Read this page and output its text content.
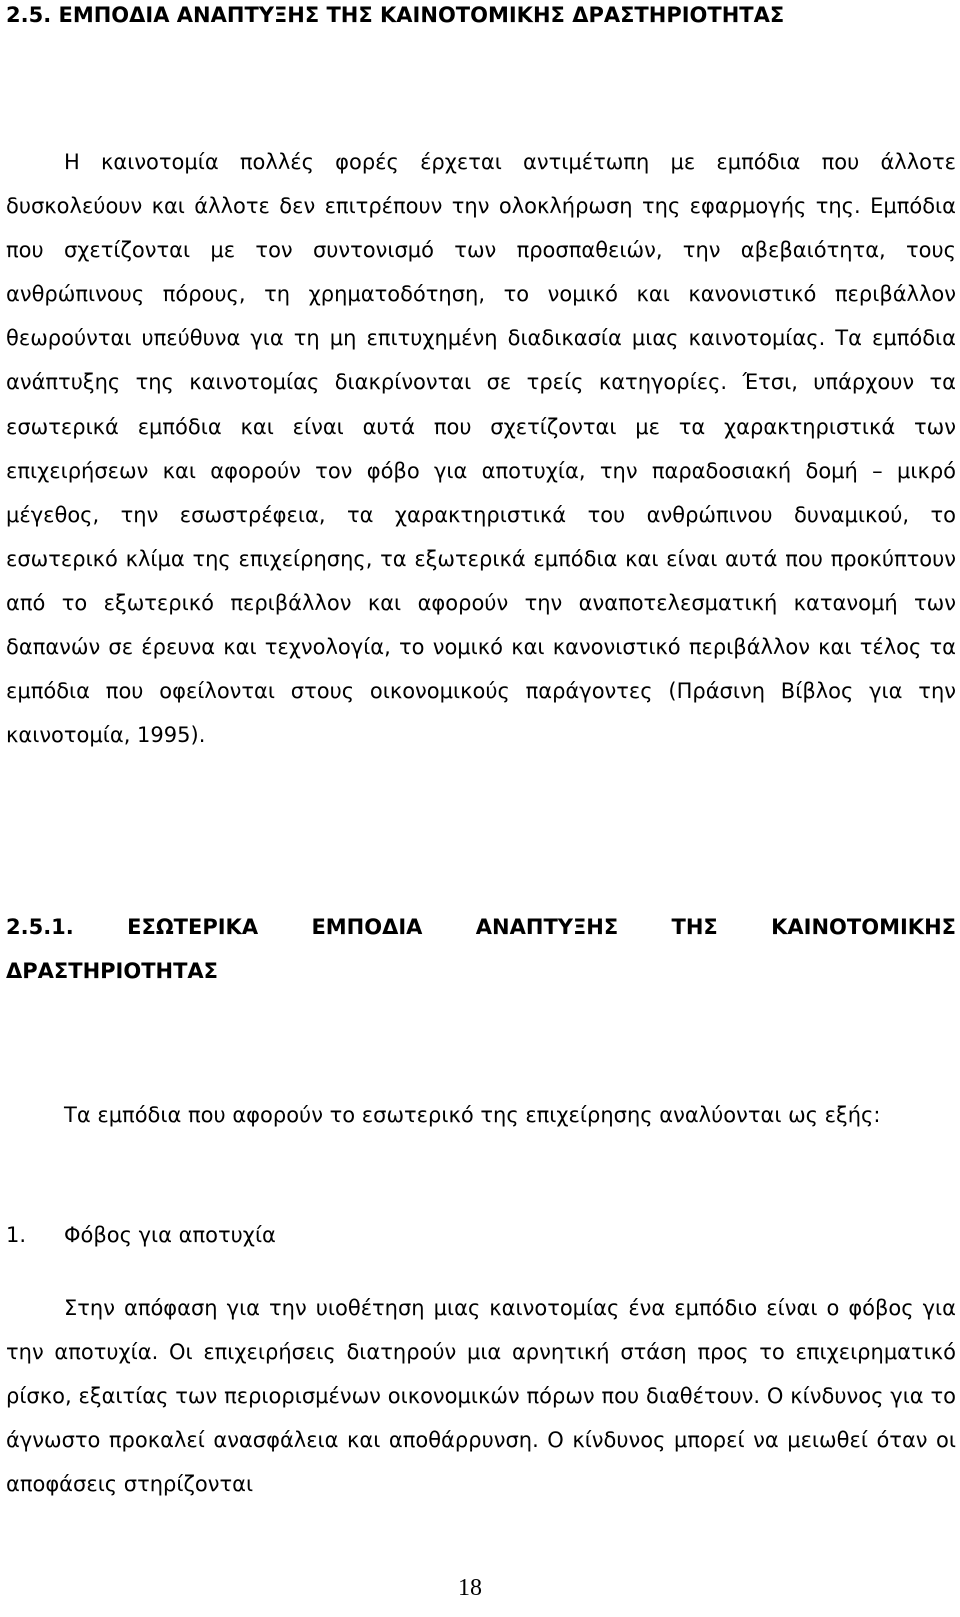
2.5. ΕΜΠΟΔΙΑ ΑΝΑΠΤΥΞΗΣ ΤΗΣ ΚΑΙΝΟΤΟΜΙΚΗΣ ΔΡΑΣΤΗΡΙΟΤΗΤΑΣ

Η καινοτομία πολλές φορές έρχεται αντιμέτωπη με εμπόδια που άλλοτε δυσκολεύουν και άλλοτε δεν επιτρέπουν την ολοκλήρωση της εφαρμογής της. Εμπόδια που σχετίζονται με τον συντονισμό των προσπαθειών, την αβεβαιότητα, τους ανθρώπινους πόρους, τη χρηματοδότηση, το νομικό και κανονιστικό περιβάλλον θεωρούνται υπεύθυνα για τη μη επιτυχημένη διαδικασία μιας καινοτομίας. Τα εμπόδια ανάπτυξης της καινοτομίας διακρίνονται σε τρείς κατηγορίες. Έτσι, υπάρχουν τα εσωτερικά εμπόδια και είναι αυτά που σχετίζονται με τα χαρακτηριστικά των επιχειρήσεων και αφορούν τον φόβο για αποτυχία, την παραδοσιακή δομή – μικρό μέγεθος, την εσωστρέφεια, τα χαρακτηριστικά του ανθρώπινου δυναμικού, το εσωτερικό κλίμα της επιχείρησης, τα εξωτερικά εμπόδια και είναι αυτά που προκύπτουν από το εξωτερικό περιβάλλον και αφορούν την αναποτελεσματική κατανομή των δαπανών σε έρευνα και τεχνολογία, το νομικό και κανονιστικό περιβάλλον και τέλος τα εμπόδια που οφείλονται στους οικονομικούς παράγοντες (Πράσινη Βίβλος για την καινοτομία, 1995).

2.5.1. ΕΣΩΤΕΡΙΚΑ ΕΜΠΟΔΙΑ ΑΝΑΠΤΥΞΗΣ ΤΗΣ ΚΑΙΝΟΤΟΜΙΚΗΣ ΔΡΑΣΤΗΡΙΟΤΗΤΑΣ

Τα εμπόδια που αφορούν το εσωτερικό της επιχείρησης αναλύονται ως εξής:

1. Φόβος για αποτυχία

Στην απόφαση για την υιοθέτηση μιας καινοτομίας ένα εμπόδιο είναι ο φόβος για την αποτυχία. Οι επιχειρήσεις διατηρούν μια αρνητική στάση προς το επιχειρηματικό ρίσκο, εξαιτίας των περιορισμένων οικονομικών πόρων που διαθέτουν. Ο κίνδυνος για το άγνωστο προκαλεί ανασφάλεια και αποθάρρυνση. Ο κίνδυνος μπορεί να μειωθεί όταν οι αποφάσεις στηρίζονται

18
